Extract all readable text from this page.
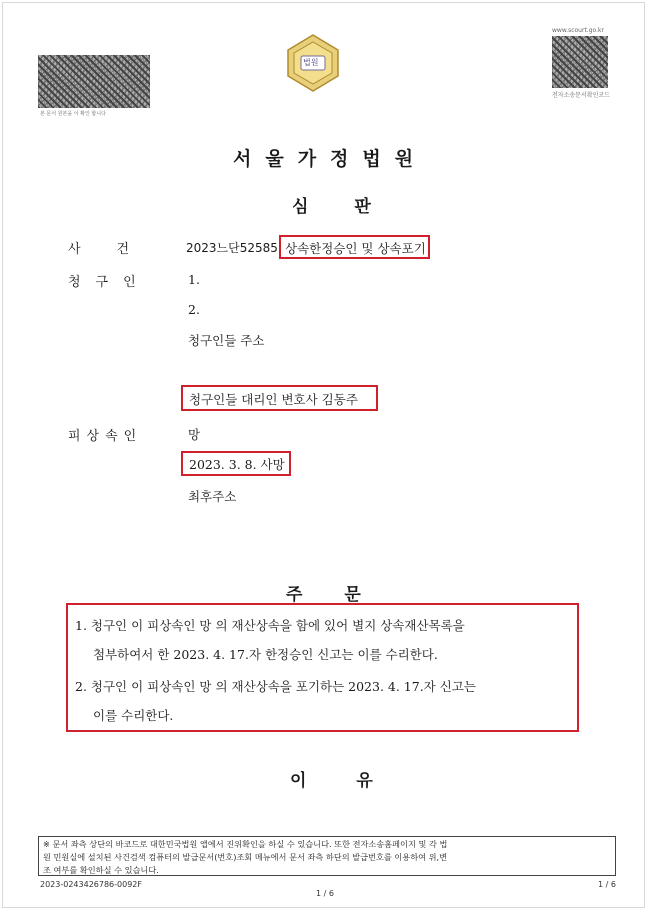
본 문서 원본을 이 확인 합니다
법원
www.scourt.go.kr
전자소송문서확인코드
서울가정법원
심판
사건 2023느단52585 상속한정승인 및 상속포기
청구인	1.
2.
청구인들 주소
청구인들 대리인 변호사 김동주
피상속인	망
2023. 3. 8. 사망
최후주소
주 문
1. 청구인 이 피상속인 망 의 재산상속을 함에 있어 별지 상속재산목록을
첨부하여서 한 2023. 4. 17.자 한정승인 신고는 이를 수리한다.
2. 청구인 이 피상속인 망 의 재산상속을 포기하는 2023. 4. 17.자 신고는
이를 수리한다.
이 유
※ 문서 좌측 상단의 바코드로 대한민국법원 앱에서 진위확인을 하실 수 있습니다. 또한 전자소송홈페이지 및 각 법
원 민원실에 설치된 사건검색 컴퓨터의 발급문서(번호)조회 메뉴에서 문서 좌측 하단의 발급번호를 이용하여 위,변
조 여부를 확인하실 수 있습니다.
2023-0243426786-0092F
1 / 6
1 / 6
